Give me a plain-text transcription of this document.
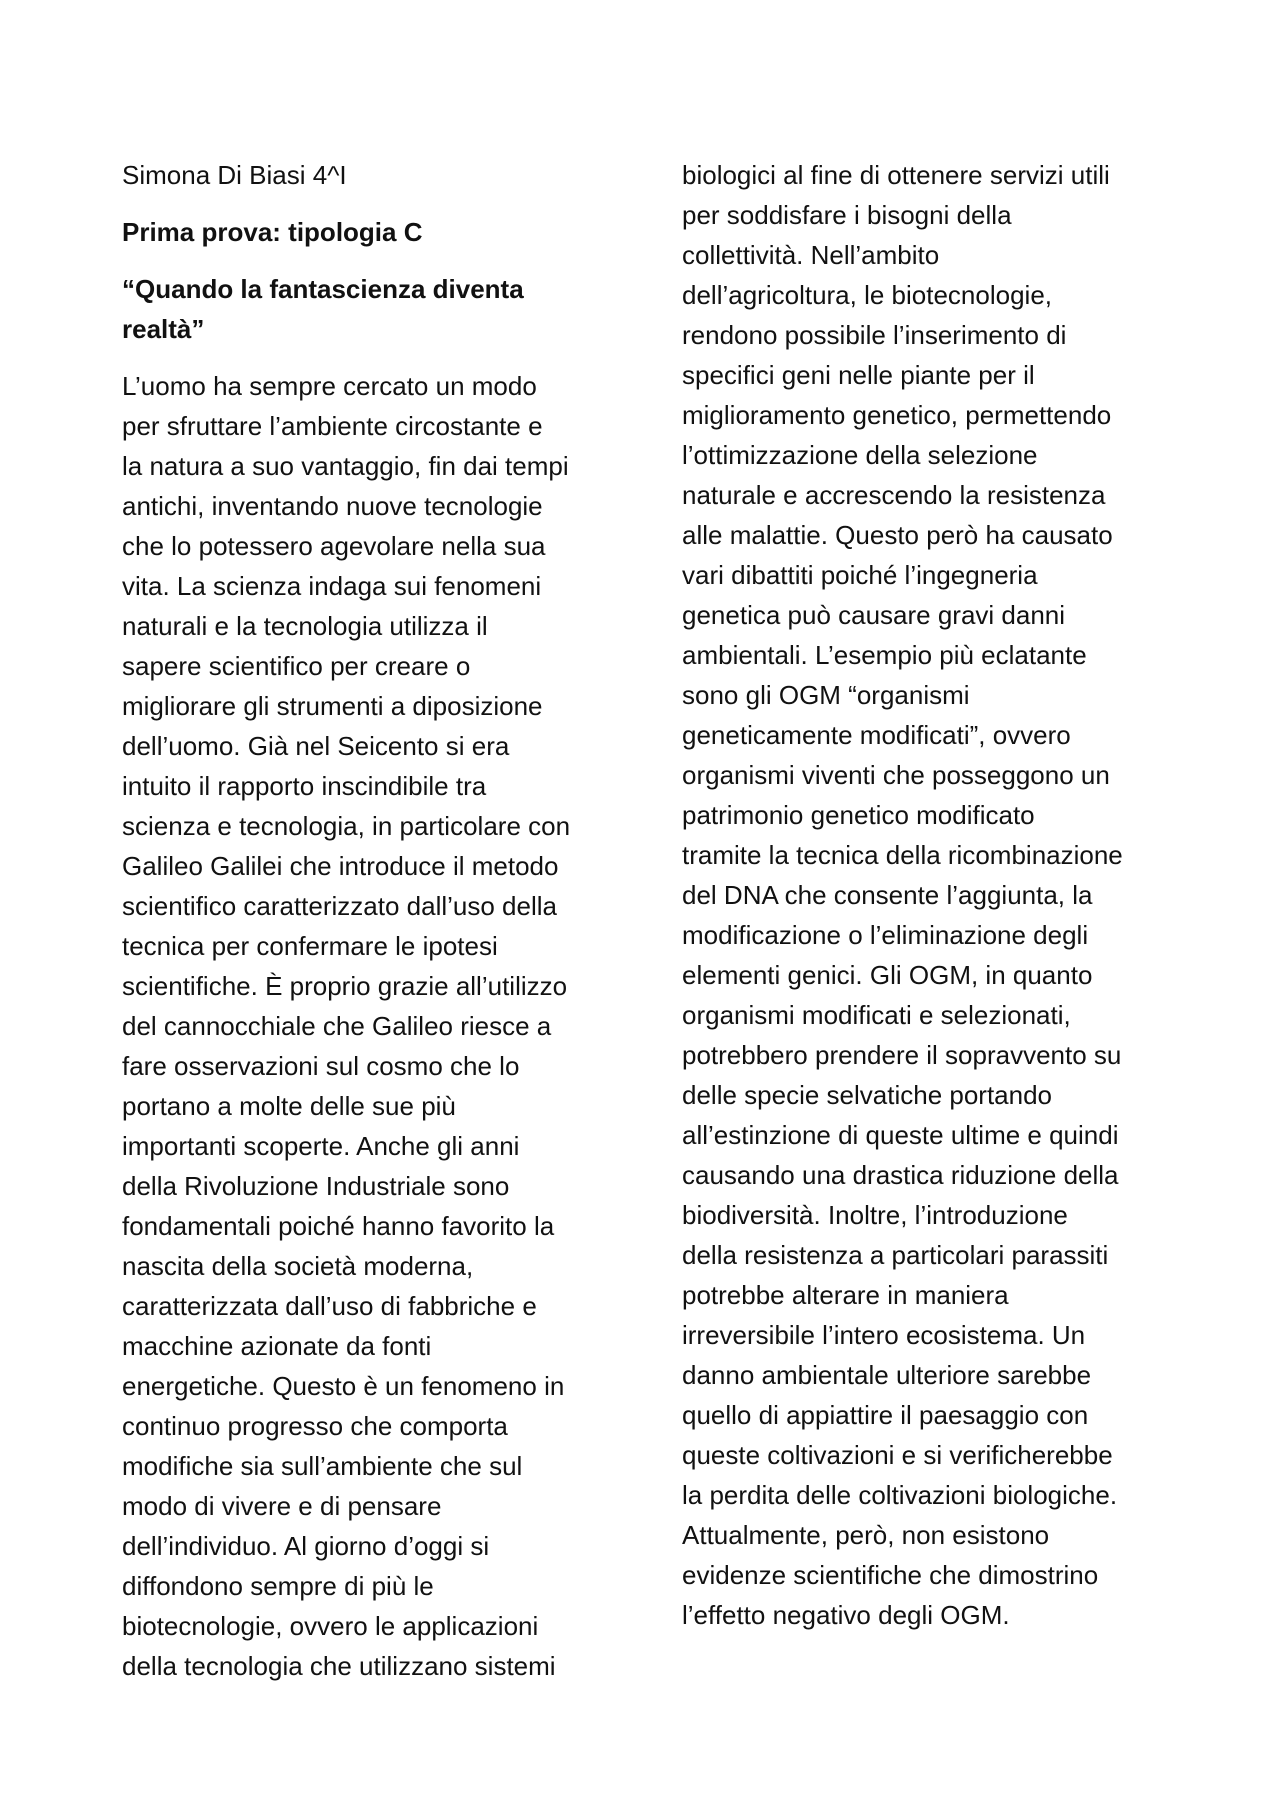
Simona Di Biasi 4^I
Prima prova: tipologia C
“Quando la fantascienza diventa
realtà”
L’uomo ha sempre cercato un modo
per sfruttare l’ambiente circostante e
la natura a suo vantaggio, fin dai tempi
antichi, inventando nuove tecnologie
che lo potessero agevolare nella sua
vita. La scienza indaga sui fenomeni
naturali e la tecnologia utilizza il
sapere scientifico per creare o
migliorare gli strumenti a diposizione
dell’uomo. Già nel Seicento si era
intuito il rapporto inscindibile tra
scienza e tecnologia, in particolare con
Galileo Galilei che introduce il metodo
scientifico caratterizzato dall’uso della
tecnica per confermare le ipotesi
scientifiche. È proprio grazie all’utilizzo
del cannocchiale che Galileo riesce a
fare osservazioni sul cosmo che lo
portano a molte delle sue più
importanti scoperte. Anche gli anni
della Rivoluzione Industriale sono
fondamentali poiché hanno favorito la
nascita della società moderna,
caratterizzata dall’uso di fabbriche e
macchine azionate da fonti
energetiche. Questo è un fenomeno in
continuo progresso che comporta
modifiche sia sull’ambiente che sul
modo di vivere e di pensare
dell’individuo. Al giorno d’oggi si
diffondono sempre di più le
biotecnologie, ovvero le applicazioni
della tecnologia che utilizzano sistemi
biologici al fine di ottenere servizi utili
per soddisfare i bisogni della
collettività. Nell’ambito
dell’agricoltura, le biotecnologie,
rendono possibile l’inserimento di
specifici geni nelle piante per il
miglioramento genetico, permettendo
l’ottimizzazione della selezione
naturale e accrescendo la resistenza
alle malattie. Questo però ha causato
vari dibattiti poiché l’ingegneria
genetica può causare gravi danni
ambientali. L’esempio più eclatante
sono gli OGM “organismi
geneticamente modificati”, ovvero
organismi viventi che posseggono un
patrimonio genetico modificato
tramite la tecnica della ricombinazione
del DNA che consente l’aggiunta, la
modificazione o l’eliminazione degli
elementi genici. Gli OGM, in quanto
organismi modificati e selezionati,
potrebbero prendere il sopravvento su
delle specie selvatiche portando
all’estinzione di queste ultime e quindi
causando una drastica riduzione della
biodiversità. Inoltre, l’introduzione
della resistenza a particolari parassiti
potrebbe alterare in maniera
irreversibile l’intero ecosistema. Un
danno ambientale ulteriore sarebbe
quello di appiattire il paesaggio con
queste coltivazioni e si verificherebbe
la perdita delle coltivazioni biologiche.
Attualmente, però, non esistono
evidenze scientifiche che dimostrino
l’effetto negativo degli OGM.
